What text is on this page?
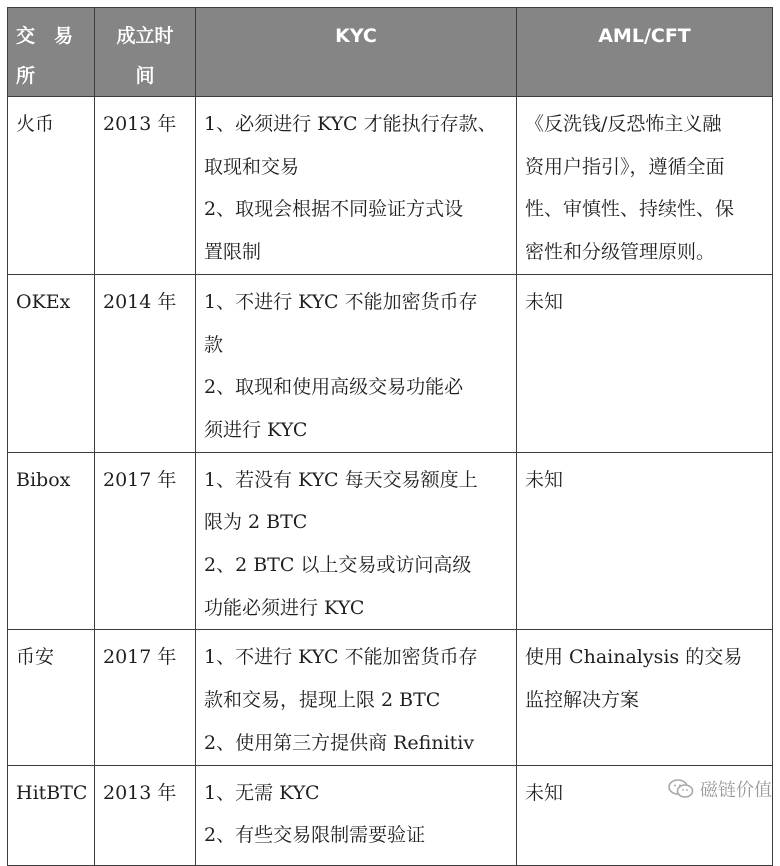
交　易
所	成立时
间	KYC	AML/CFT

火币	2013 年	1、必须进行 KYC 才能执行存款、
取现和交易
2、取现会根据不同验证方式设
置限制	《反洗钱/反恐怖主义融
资用户指引》，遵循全面
性、审慎性、持续性、保
密性和分级管理原则。

OKEx	2014 年	1、不进行 KYC 不能加密货币存
款
2、取现和使用高级交易功能必
须进行 KYC	未知

Bibox	2017 年	1、若没有 KYC 每天交易额度上
限为 2 BTC
2、2 BTC 以上交易或访问高级
功能必须进行 KYC	未知

币安	2017 年	1、不进行 KYC 不能加密货币存
款和交易，提现上限 2 BTC
2、使用第三方提供商 Refinitiv	使用 Chainalysis 的交易
监控解决方案

HitBTC	2013 年	1、无需 KYC
2、有些交易限制需要验证	未知	磁链价值
